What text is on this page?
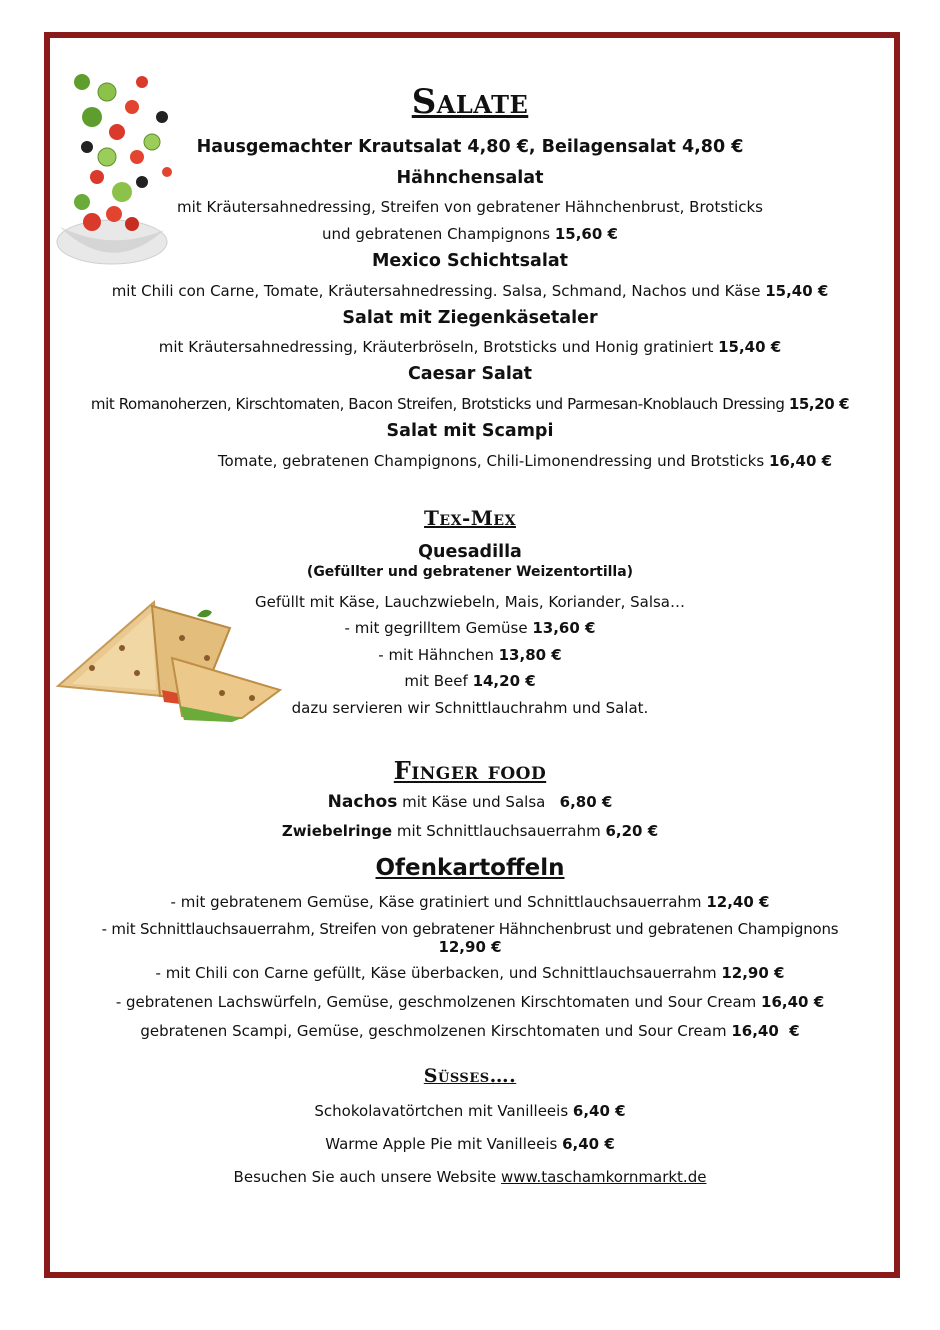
Salate
Hausgemachter Krautsalat 4,80 €, Beilagensalat 4,80 €
Hähnchensalat
mit Kräutersahnedressing, Streifen von gebratener Hähnchenbrust, Brotsticks
und gebratenen Champignons 15,60 €
Mexico Schichtsalat
mit Chili con Carne, Tomate, Kräutersahnedressing. Salsa, Schmand, Nachos und Käse 15,40 €
Salat mit Ziegenkäsetaler
mit Kräutersahnedressing, Kräuterbröseln, Brotsticks und Honig gratiniert 15,40 €
Caesar Salat
mit Romanoherzen, Kirschtomaten, Bacon Streifen, Brotsticks und Parmesan-Knoblauch Dressing 15,20 €
Salat mit Scampi
Tomate, gebratenen Champignons, Chili-Limonendressing und Brotsticks 16,40 €
Tex-Mex
Quesadilla
(Gefüllter und gebratener Weizentortilla)
Gefüllt mit Käse, Lauchzwiebeln, Mais, Koriander, Salsa…
- mit gegrilltem Gemüse 13,60 €
- mit Hähnchen 13,80 €
mit Beef 14,20 €
dazu servieren wir Schnittlauchrahm und Salat.
Finger food
Nachos mit Käse und Salsa   6,80 €
Zwiebelringe mit Schnittlauchsauerrahm 6,20 €
Ofenkartoffeln
- mit gebratenem Gemüse, Käse gratiniert und Schnittlauchsauerrahm 12,40 €
- mit Schnittlauchsauerrahm, Streifen von gebratener Hähnchenbrust und gebratenen Champignons
12,90 €
- mit Chili con Carne gefüllt, Käse überbacken, und Schnittlauchsauerrahm 12,90 €
- gebratenen Lachswürfeln, Gemüse, geschmolzenen Kirschtomaten und Sour Cream 16,40 €
gebratenen Scampi, Gemüse, geschmolzenen Kirschtomaten und Sour Cream 16,40  €
Süsses….
Schokolavatörtchen mit Vanilleeis 6,40 €
Warme Apple Pie mit Vanilleeis 6,40 €
Besuchen Sie auch unsere Website www.taschamkornmarkt.de
